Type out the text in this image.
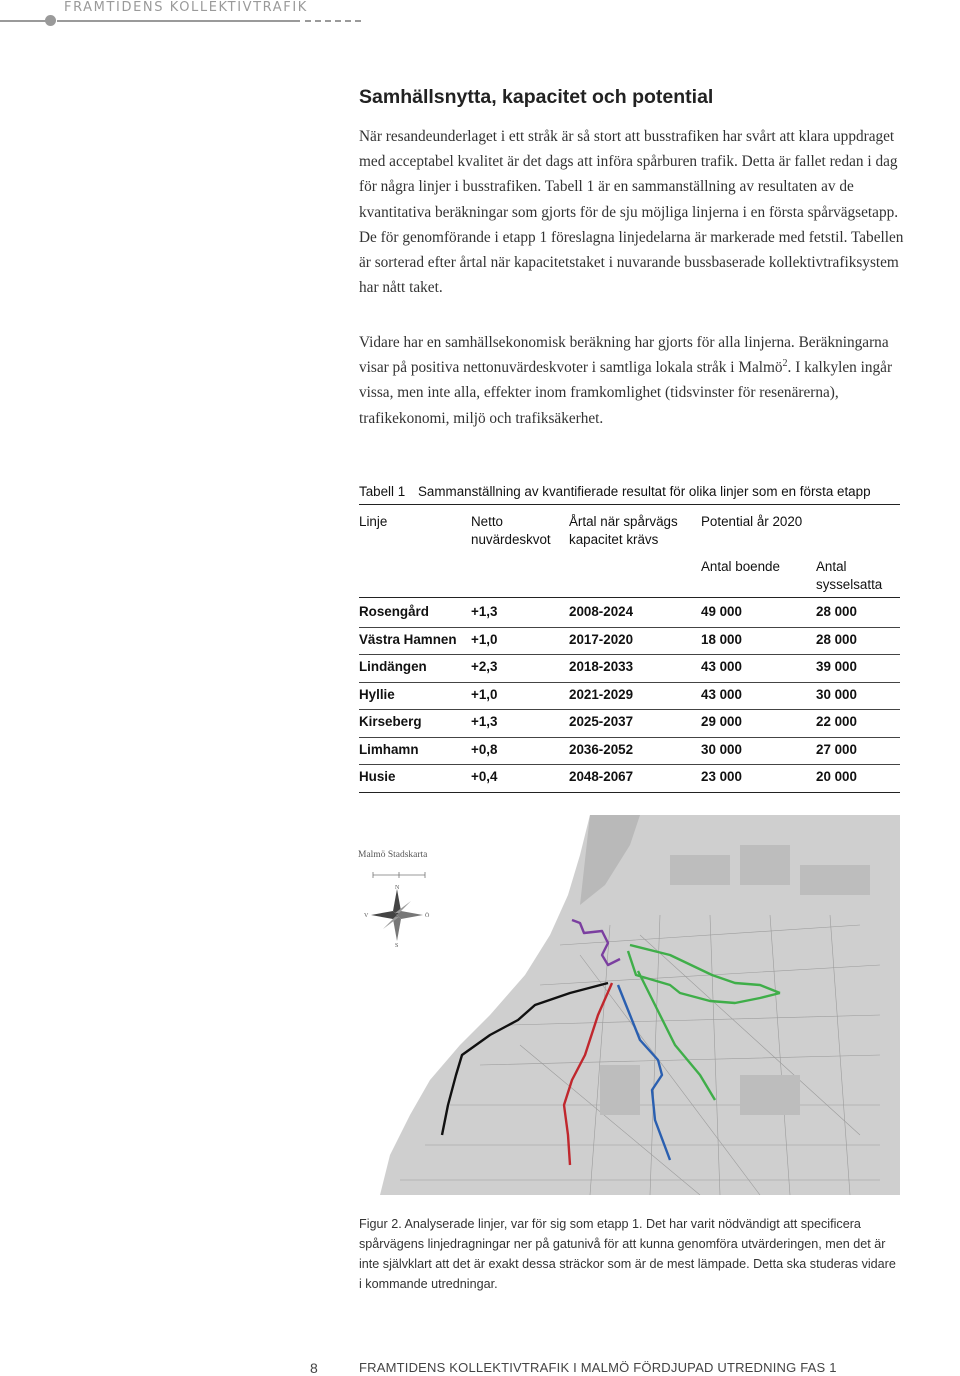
FRAMTIDENS KOLLEKTIVTRAFIK
Samhällsnytta, kapacitet och potential

När resandeunderlaget i ett stråk är så stort att busstrafiken har svårt att klara uppdraget med acceptabel kvalitet är det dags att införa spårburen trafik. Detta är fallet redan i dag för några linjer i busstrafiken. Tabell 1 är en sammanställning av resultaten av de kvantitativa beräkningar som gjorts för de sju möjliga linjerna i en första spårvägsetapp. De för genomförande i etapp 1 föreslagna linjedelarna är markerade med fetstil. Tabellen är sorterad efter årtal när kapacitetstaket i nuvarande bussbaserade kollektivtrafiksystem har nått taket.

Vidare har en samhällsekonomisk beräkning har gjorts för alla linjerna. Beräkningarna visar på positiva nettonuvärdeskvoter i samtliga lokala stråk i Malmö$^2$. I kalkylen ingår vissa, men inte alla, effekter inom framkomlighet (tidsvinster för resenärerna), trafikekonomi, miljö och trafiksäkerhet.

Tabell 1 Sammanställning av kvantifierade resultat för olika linjer som en första etapp
Linje	Netto
nuvärdeskvot
Årtal när spårvägs
kapacitet krävs
Potential år 2020
Antal boende	Antal
sysselsatta
Rosengård	+1,3	2008-2024	49 000	28 000
Västra Hamnen +1,0	2017-2020	18 000	28 000
Lindängen	+2,3	2018-2033	43 000	39 000
Hyllie	+1,0	2021-2029	43 000	30 000
Kirseberg	+1,3	2025-2037	29 000	22 000
Limhamn	+0,8	2036-2052	30 000	27 000
Husie	+0,4	2048-2067	23 000	20 000
N
S
Ö
V
Malmö Stadskarta

Figur 2. Analyserade linjer, var för sig som etapp 1. Det har varit nödvändigt att specificera spårvägens linjedragningar ner på gatunivå för att kunna genomföra utvärderingen, men det är inte självklart att det är exakt dessa sträckor som är de mest lämpade. Detta ska studeras vidare i kommande utredningar.

8	FRAMTIDENS KOLLEKTIVTRAFIK I MALMÖ FÖRDJUPAD UTREDNING FAS 1
